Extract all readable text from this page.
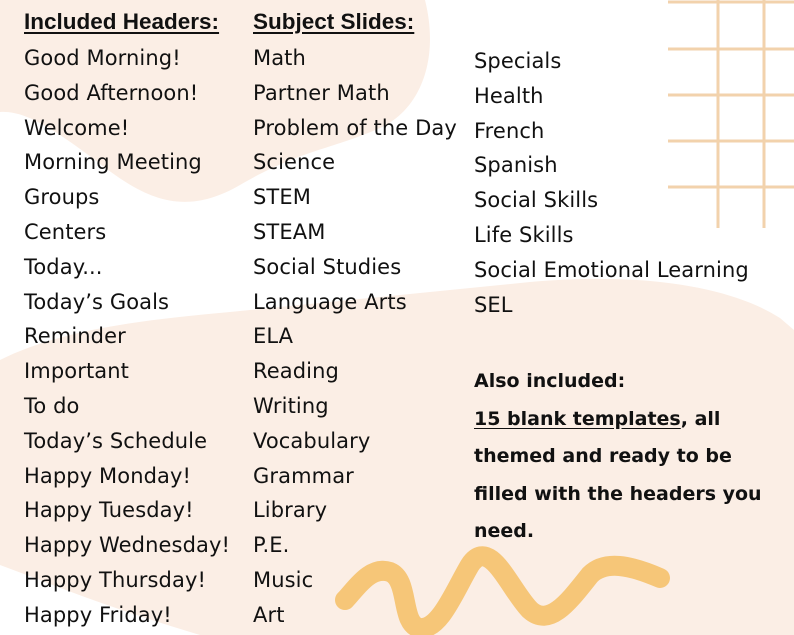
Included Headers:
Good Morning!
Good Afternoon!
Welcome!
Morning Meeting
Groups
Centers
Today...
Today’s Goals
Reminder
Important
To do
Today’s Schedule
Happy Monday!
Happy Tuesday!
Happy Wednesday!
Happy Thursday!
Happy Friday!
Subject Slides:
Math
Partner Math
Problem of the Day
Science
STEM
STEAM
Social Studies
Language Arts
ELA
Reading
Writing
Vocabulary
Grammar
Library
P.E.
Music
Art
Specials
Health
French
Spanish
Social Skills
Life Skills
Social Emotional Learning
SEL
Also included:
15 blank templates, all themed and ready to be filled with the headers you need.
